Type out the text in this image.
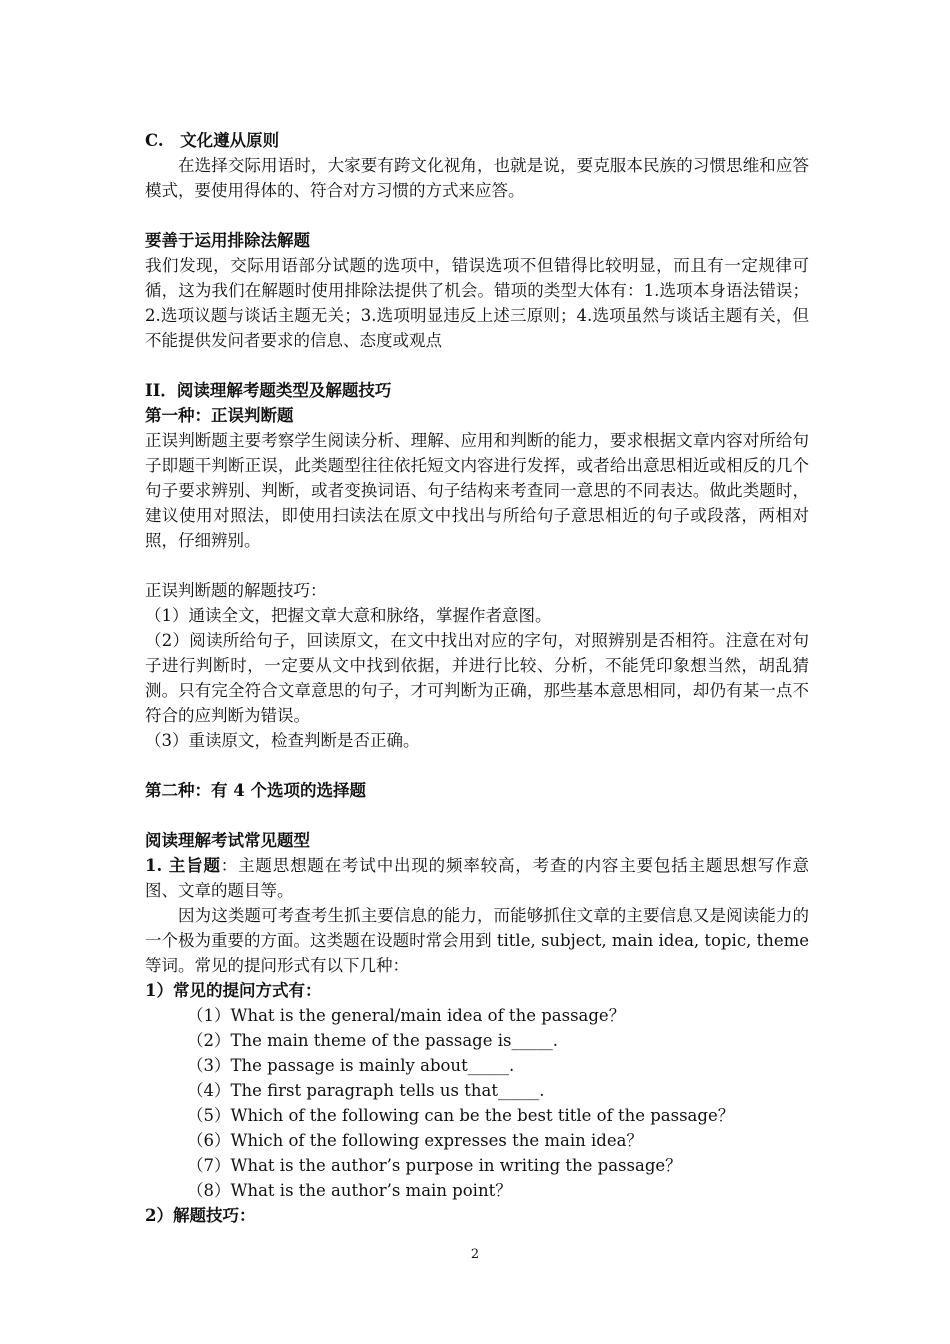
C.　文化遵从原则

在选择交际用语时，大家要有跨文化视角，也就是说，要克服本民族的习惯思维和应答模式，要使用得体的、符合对方习惯的方式来应答。

要善于运用排除法解题

我们发现，交际用语部分试题的选项中，错误选项不但错得比较明显，而且有一定规律可循，这为我们在解题时使用排除法提供了机会。错项的类型大体有：1.选项本身语法错误；2.选项议题与谈话主题无关；3.选项明显违反上述三原则；4.选项虽然与谈话主题有关，但不能提供发问者要求的信息、态度或观点

II．阅读理解考题类型及解题技巧

第一种：正误判断题

正误判断题主要考察学生阅读分析、理解、应用和判断的能力，要求根据文章内容对所给句子即题干判断正误，此类题型往往依托短文内容进行发挥，或者给出意思相近或相反的几个句子要求辨别、判断，或者变换词语、句子结构来考查同一意思的不同表达。做此类题时，建议使用对照法，即使用扫读法在原文中找出与所给句子意思相近的句子或段落，两相对照，仔细辨别。

正误判断题的解题技巧：

（1）通读全文，把握文章大意和脉络，掌握作者意图。

（2）阅读所给句子，回读原文，在文中找出对应的字句，对照辨别是否相符。注意在对句子进行判断时，一定要从文中找到依据，并进行比较、分析，不能凭印象想当然，胡乱猜测。只有完全符合文章意思的句子，才可判断为正确，那些基本意思相同，却仍有某一点不符合的应判断为错误。

（3）重读原文，检查判断是否正确。

第二种：有 4 个选项的选择题

阅读理解考试常见题型

1. 主旨题：主题思想题在考试中出现的频率较高，考查的内容主要包括主题思想写作意图、文章的题目等。

因为这类题可考查考生抓主要信息的能力，而能够抓住文章的主要信息又是阅读能力的一个极为重要的方面。这类题在设题时常会用到 title, subject, main idea, topic, theme 等词。常见的提问形式有以下几种：

1）常见的提问方式有：

（1）What is the general/main idea of the passage？

（2）The main theme of the passage is_____.

（3）The passage is mainly about_____.

（4）The first paragraph tells us that_____.

（5）Which of the following can be the best title of the passage？

（6）Which of the following expresses the main idea？

（7）What is the author’s purpose in writing the passage？

（8）What is the author’s main point？

2）解题技巧：

2
